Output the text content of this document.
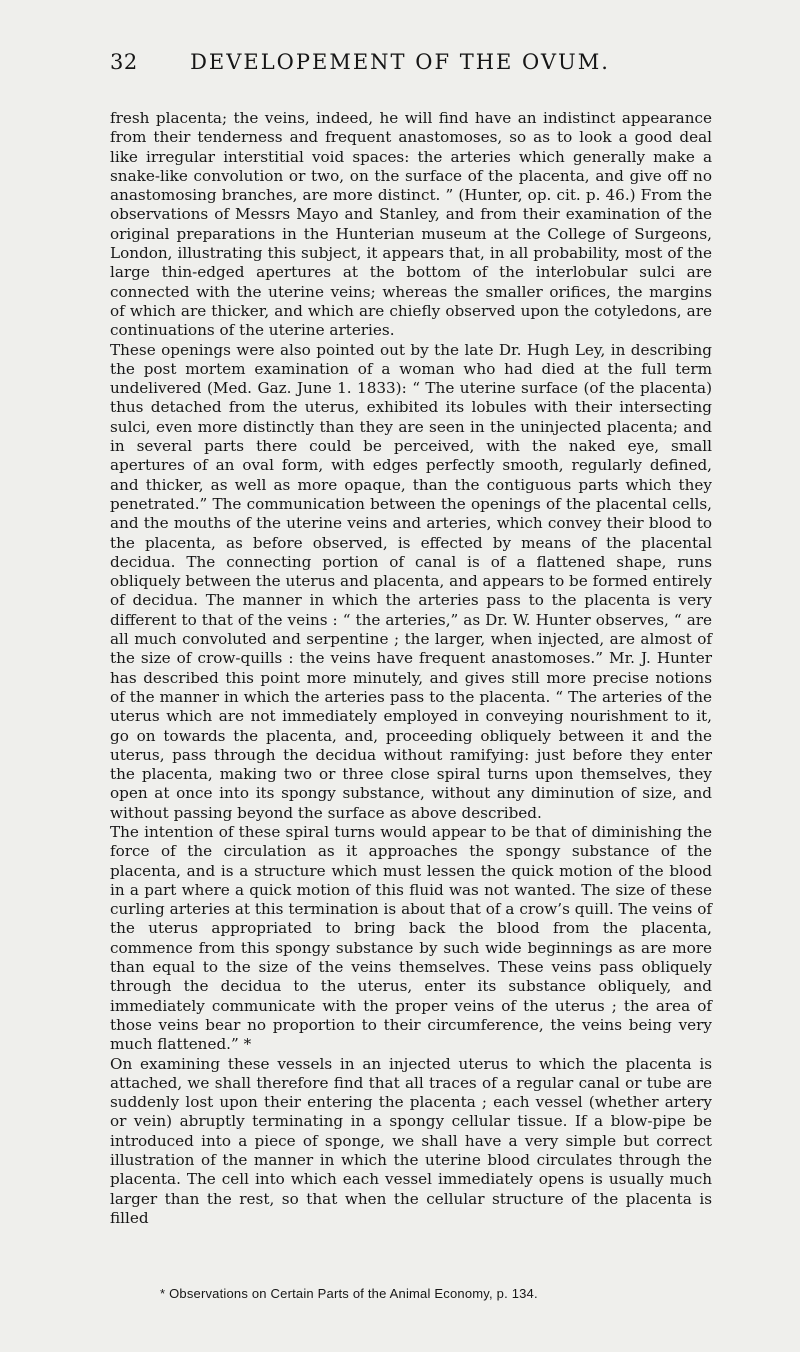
32	DEVELOPEMENT OF THE OVUM.

fresh placenta; the veins, indeed, he will find have an indistinct appearance from their tenderness and frequent anastomoses, so as to look a good deal like irregular interstitial void spaces: the arteries which generally make a snake-like convolution or two, on the surface of the placenta, and give off no anastomosing branches, are more distinct. ” (Hunter, op. cit. p. 46.) From the observations of Messrs Mayo and Stanley, and from their examination of the original preparations in the Hunterian museum at the College of Surgeons, London, illustrating this subject, it appears that, in all probability, most of the large thin-edged apertures at the bottom of the interlobular sulci are connected with the uterine veins; whereas the smaller orifices, the margins of which are thicker, and which are chiefly observed upon the cotyledons, are continuations of the uterine arteries.

These openings were also pointed out by the late Dr. Hugh Ley, in describing the post mortem examination of a woman who had died at the full term undelivered (Med. Gaz. June 1. 1833): “ The uterine surface (of the placenta) thus detached from the uterus, exhibited its lobules with their intersecting sulci, even more distinctly than they are seen in the uninjected placenta; and in several parts there could be perceived, with the naked eye, small apertures of an oval form, with edges perfectly smooth, regularly defined, and thicker, as well as more opaque, than the contiguous parts which they penetrated.” The communication between the openings of the placental cells, and the mouths of the uterine veins and arteries, which convey their blood to the placenta, as before observed, is effected by means of the placental decidua. The connecting portion of canal is of a flattened shape, runs obliquely between the uterus and placenta, and appears to be formed entirely of decidua. The manner in which the arteries pass to the placenta is very different to that of the veins : “ the arteries,” as Dr. W. Hunter observes, “ are all much convoluted and serpentine ; the larger, when injected, are almost of the size of crow-quills : the veins have frequent anastomoses.” Mr. J. Hunter has described this point more minutely, and gives still more precise notions of the manner in which the arteries pass to the placenta. “ The arteries of the uterus which are not immediately employed in conveying nourishment to it, go on towards the placenta, and, proceeding obliquely between it and the uterus, pass through the decidua without ramifying: just before they enter the placenta, making two or three close spiral turns upon themselves, they open at once into its spongy substance, without any diminution of size, and without passing beyond the surface as above described.

The intention of these spiral turns would appear to be that of diminishing the force of the circulation as it approaches the spongy substance of the placenta, and is a structure which must lessen the quick motion of the blood in a part where a quick motion of this fluid was not wanted. The size of these curling arteries at this termination is about that of a crow’s quill. The veins of the uterus appropriated to bring back the blood from the placenta, commence from this spongy substance by such wide beginnings as are more than equal to the size of the veins themselves. These veins pass obliquely through the decidua to the uterus, enter its substance obliquely, and immediately communicate with the proper veins of the uterus ; the area of those veins bear no proportion to their circumference, the veins being very much flattened.” *

On examining these vessels in an injected uterus to which the placenta is attached, we shall therefore find that all traces of a regular canal or tube are suddenly lost upon their entering the placenta ; each vessel (whether artery or vein) abruptly terminating in a spongy cellular tissue. If a blow-pipe be introduced into a piece of sponge, we shall have a very simple but correct illustration of the manner in which the uterine blood circulates through the placenta. The cell into which each vessel immediately opens is usually much larger than the rest, so that when the cellular structure of the placenta is filled

* Observations on Certain Parts of the Animal Economy, p. 134.
